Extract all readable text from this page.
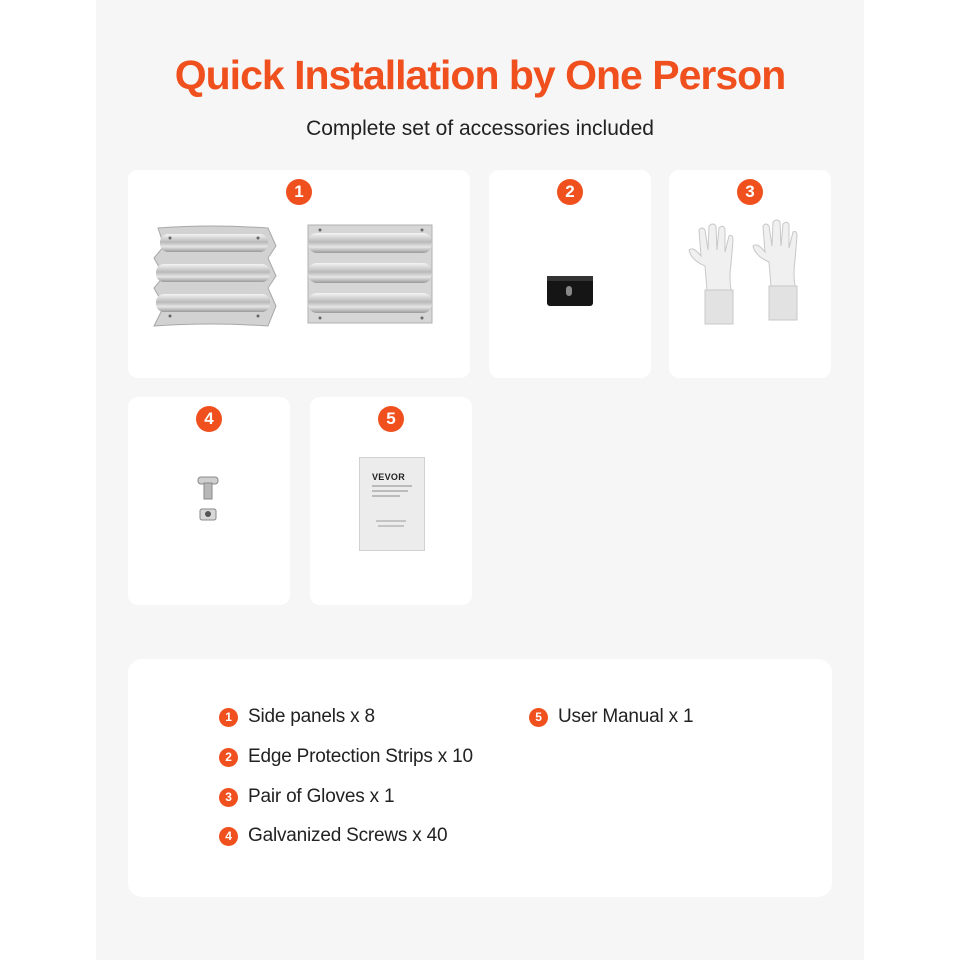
Quick Installation by One Person
Complete set of accessories included
1	2	3
4	5
VEVOR
1 Side panels x 8
2 Edge Protection Strips x 10
3 Pair of Gloves x 1
4 Galvanized Screws x 40
5 User Manual x 1
